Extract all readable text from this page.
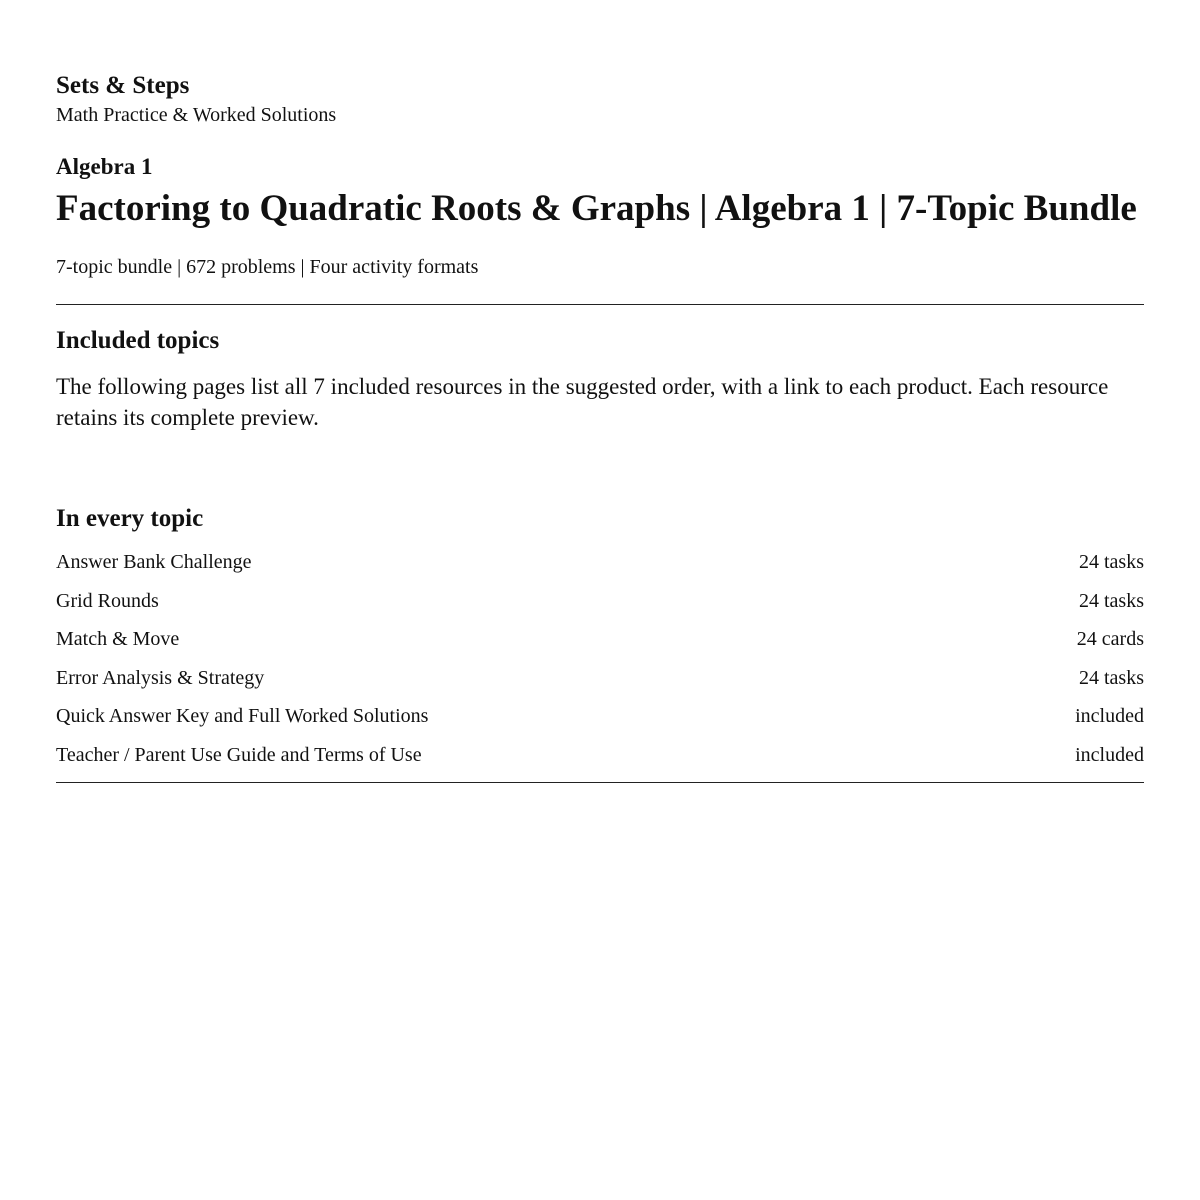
Sets & Steps

Math Practice & Worked Solutions

Algebra 1

Factoring to Quadratic Roots & Graphs | Algebra 1 | 7-Topic Bundle

7-topic bundle | 672 problems | Four activity formats

Included topics

The following pages list all 7 included resources in the suggested order, with a link to each product. Each resource retains its complete preview.

In every topic
Answer Bank Challenge	24 tasks
Grid Rounds	24 tasks
Match & Move	24 cards
Error Analysis & Strategy	24 tasks
Quick Answer Key and Full Worked Solutions	included
Teacher / Parent Use Guide and Terms of Use	included
